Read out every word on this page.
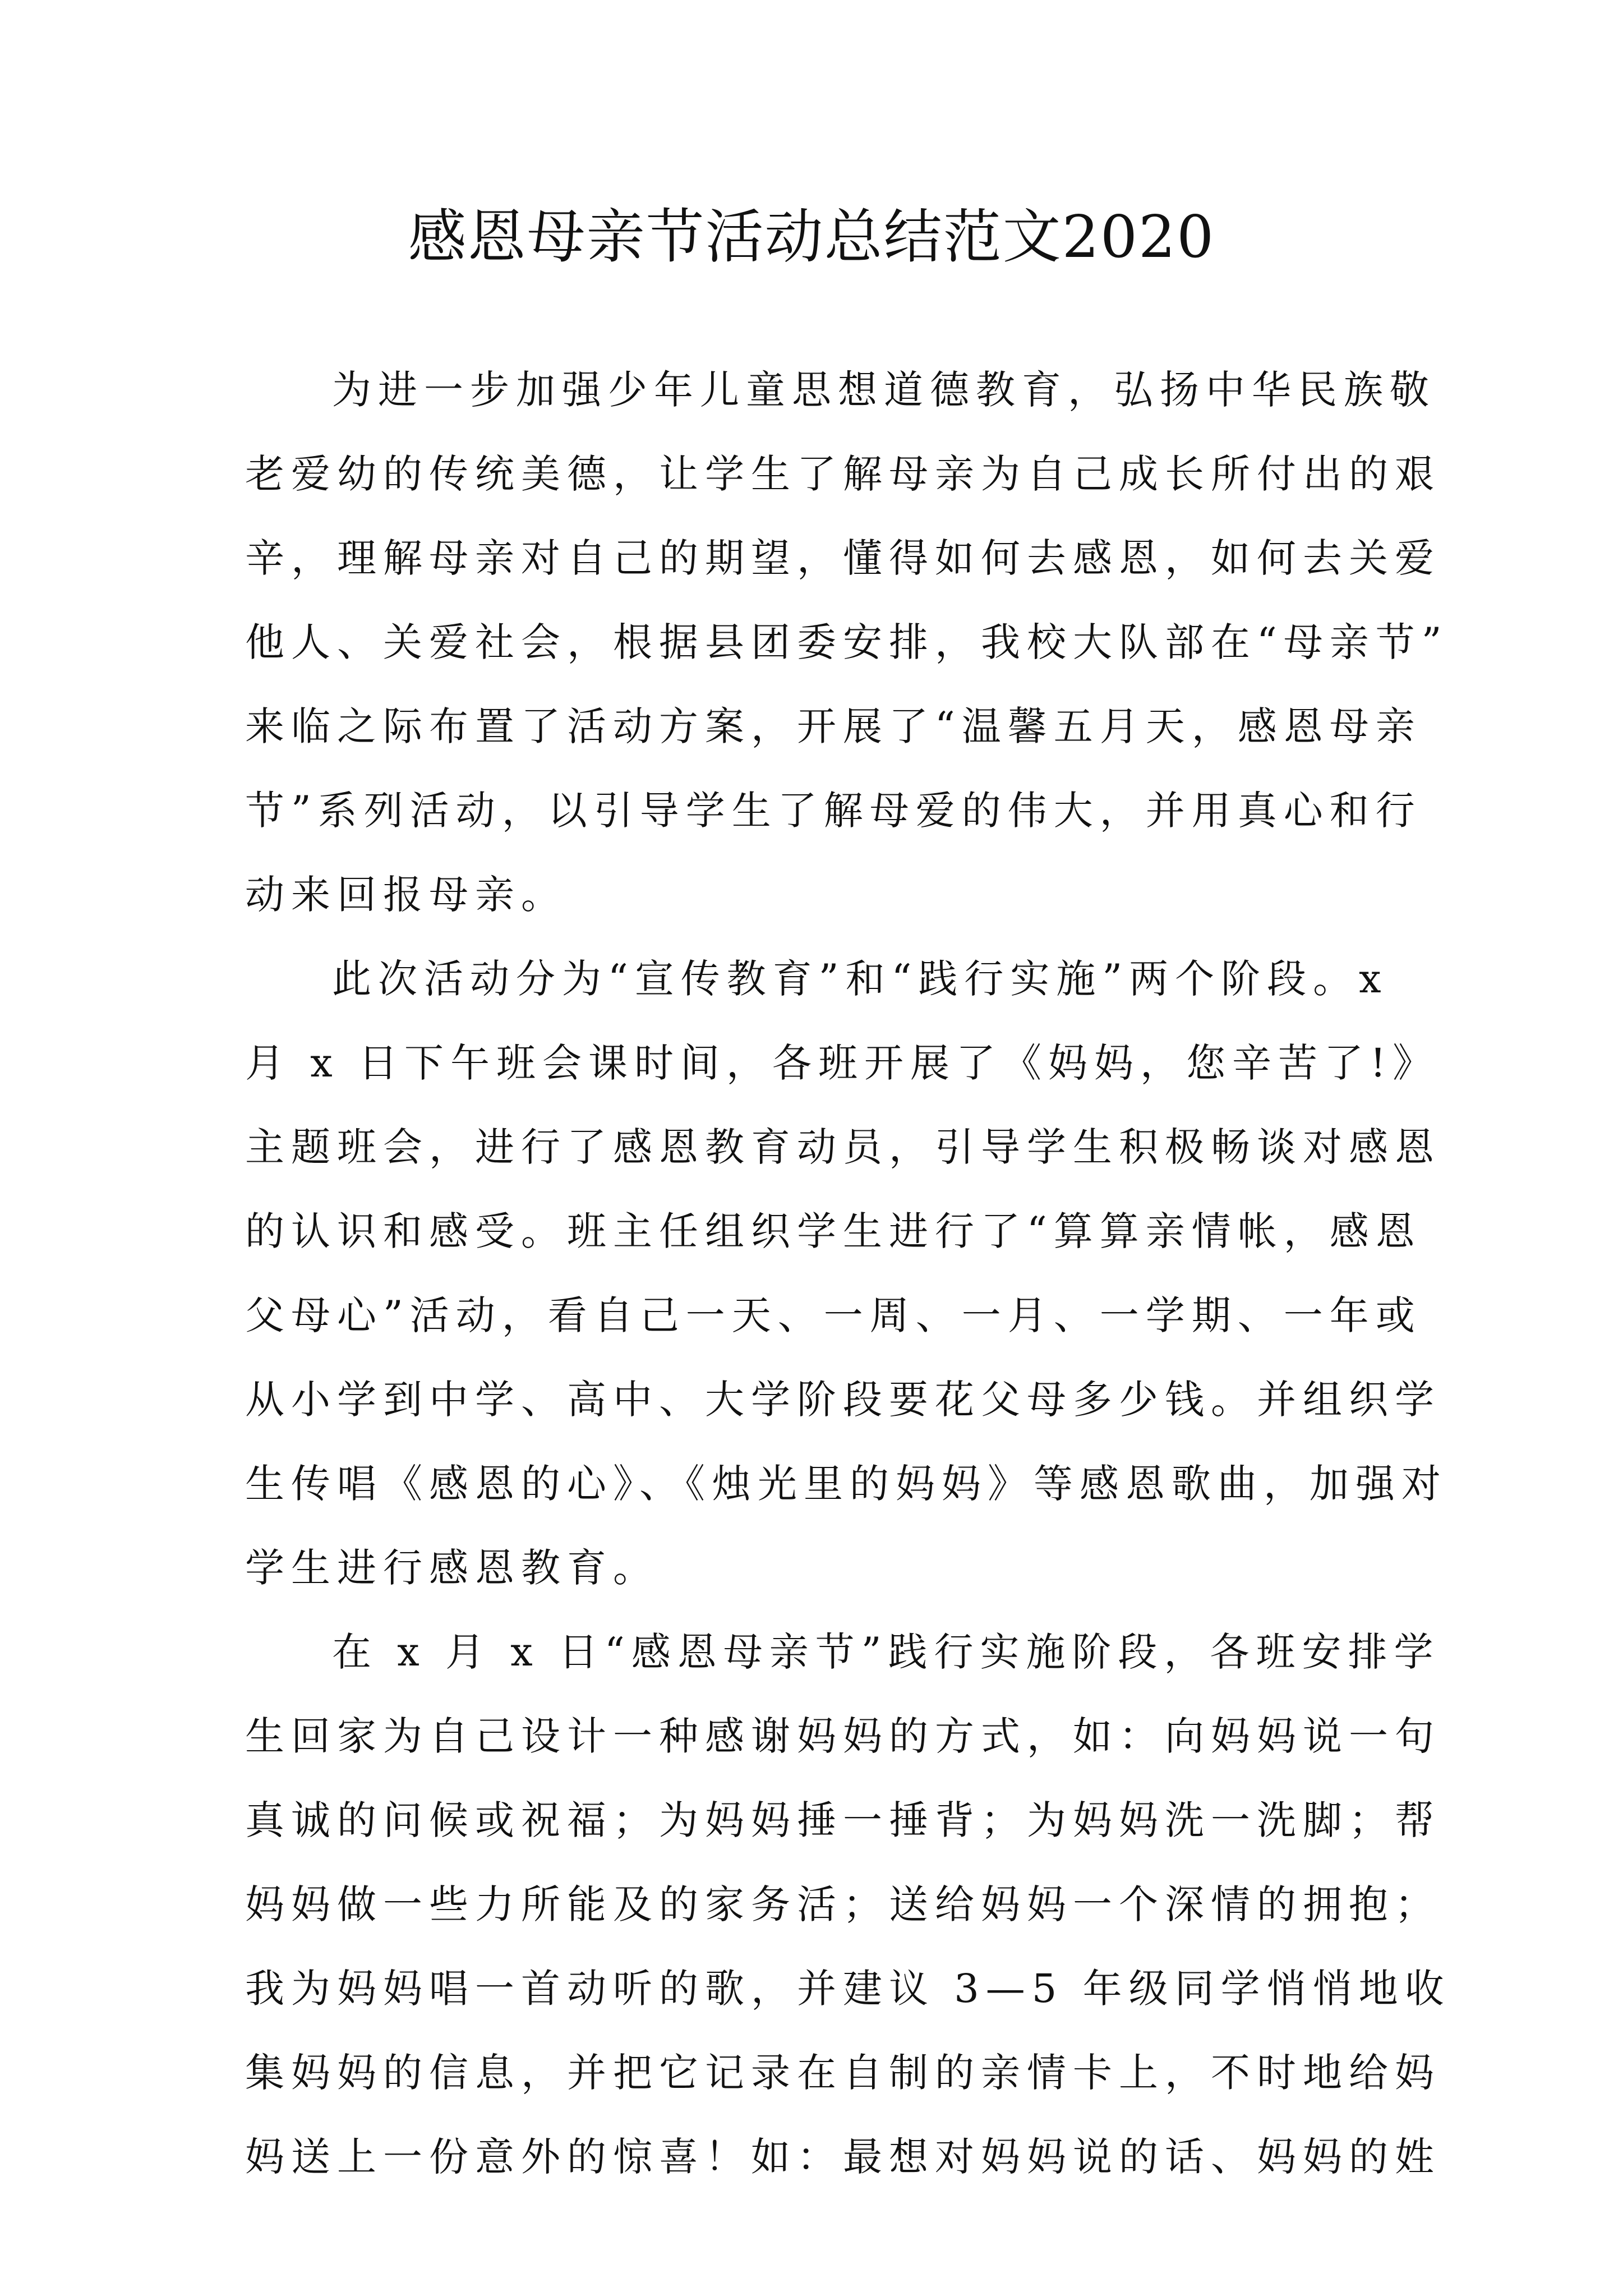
感恩母亲节活动总结范文2020
为进一步加强少年儿童思想道德教育，弘扬中华民族敬
老爱幼的传统美德，让学生了解母亲为自己成长所付出的艰
辛，理解母亲对自己的期望，懂得如何去感恩，如何去关爱
他人、关爱社会，根据县团委安排，我校大队部在“母亲节”
来临之际布置了活动方案，开展了“温馨五月天，感恩母亲
节”系列活动，以引导学生了解母爱的伟大，并用真心和行
动来回报母亲。
此次活动分为“宣传教育”和“践行实施”两个阶段。x
月 x 日下午班会课时间，各班开展了《妈妈，您辛苦了!》
主题班会，进行了感恩教育动员，引导学生积极畅谈对感恩
的认识和感受。班主任组织学生进行了“算算亲情帐，感恩
父母心”活动，看自己一天、一周、一月、一学期、一年或
从小学到中学、高中、大学阶段要花父母多少钱。并组织学
生传唱《感恩的心》、《烛光里的妈妈》等感恩歌曲，加强对
学生进行感恩教育。
在 x 月 x 日“感恩母亲节”践行实施阶段，各班安排学
生回家为自己设计一种感谢妈妈的方式，如：向妈妈说一句
真诚的问候或祝福；为妈妈捶一捶背；为妈妈洗一洗脚；帮
妈妈做一些力所能及的家务活；送给妈妈一个深情的拥抱；
我为妈妈唱一首动听的歌，并建议 3—5 年级同学悄悄地收
集妈妈的信息，并把它记录在自制的亲情卡上，不时地给妈
妈送上一份意外的惊喜！如：最想对妈妈说的话、妈妈的姓
